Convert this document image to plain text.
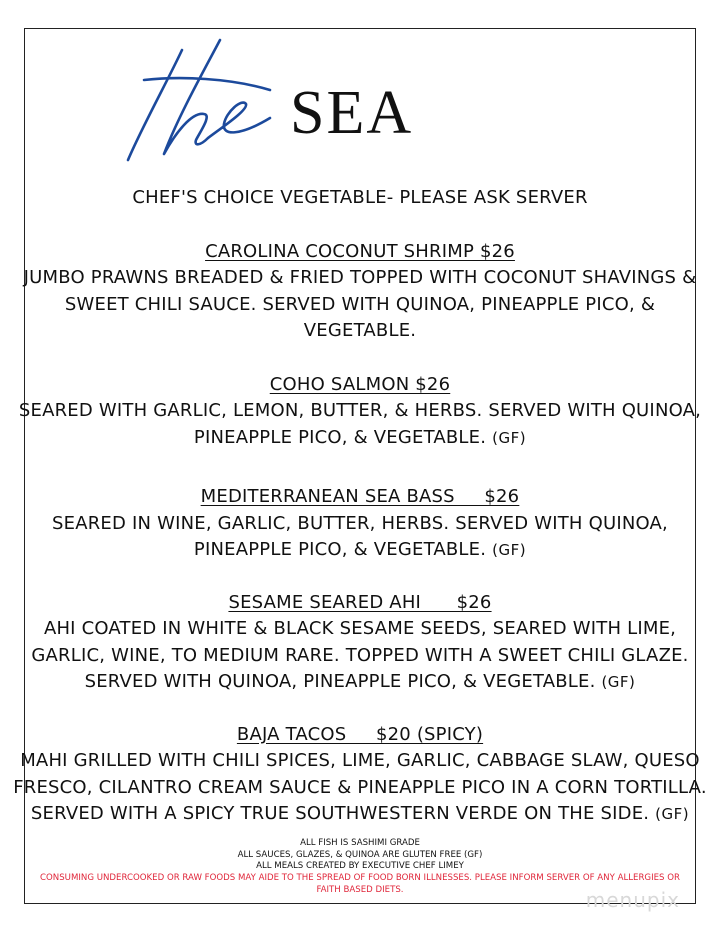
SEA
CHEF'S CHOICE VEGETABLE- PLEASE ASK SERVER
CAROLINA COCONUT SHRIMP $26
JUMBO PRAWNS BREADED & FRIED TOPPED WITH COCONUT SHAVINGS &
SWEET CHILI SAUCE. SERVED WITH QUINOA, PINEAPPLE PICO, &
VEGETABLE.
COHO SALMON $26
SEARED WITH GARLIC, LEMON, BUTTER, & HERBS. SERVED WITH QUINOA,
PINEAPPLE PICO, & VEGETABLE. (GF)
MEDITERRANEAN SEA BASS     $26
SEARED IN WINE, GARLIC, BUTTER, HERBS. SERVED WITH QUINOA,
PINEAPPLE PICO, & VEGETABLE. (GF)
SESAME SEARED AHI      $26
AHI COATED IN WHITE & BLACK SESAME SEEDS, SEARED WITH LIME,
GARLIC, WINE, TO MEDIUM RARE. TOPPED WITH A SWEET CHILI GLAZE.
SERVED WITH QUINOA, PINEAPPLE PICO, & VEGETABLE. (GF)
BAJA TACOS     $20 (SPICY)
MAHI GRILLED WITH CHILI SPICES, LIME, GARLIC, CABBAGE SLAW, QUESO
FRESCO, CILANTRO CREAM SAUCE & PINEAPPLE PICO IN A CORN TORTILLA.
SERVED WITH A SPICY TRUE SOUTHWESTERN VERDE ON THE SIDE. (GF)
ALL FISH IS SASHIMI GRADE
ALL SAUCES, GLAZES, & QUINOA ARE GLUTEN FREE (GF)
ALL MEALS CREATED BY EXECUTIVE CHEF LIMEY
CONSUMING UNDERCOOKED OR RAW FOODS MAY AIDE TO THE SPREAD OF FOOD BORN ILLNESSES. PLEASE INFORM SERVER OF ANY ALLERGIES OR
FAITH BASED DIETS.	menupix
